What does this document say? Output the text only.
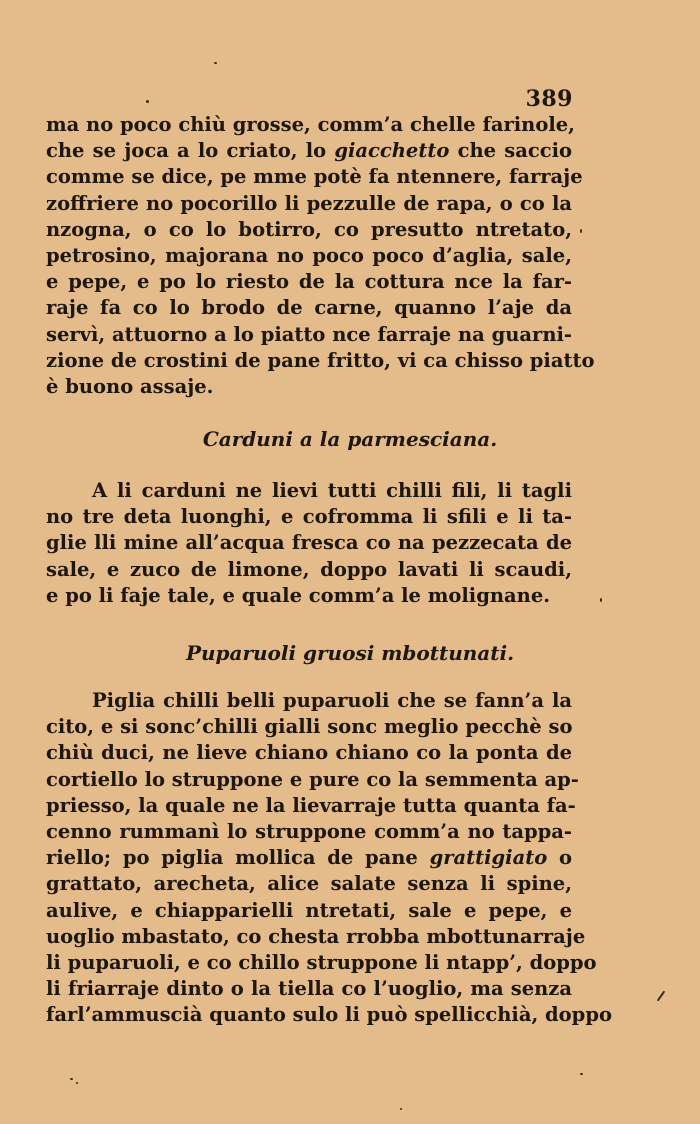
389
ma no poco chiù grosse, comm’a chelle farinole,
che se joca a lo criato, lo giacchetto che saccio
comme se dice, pe mme potè fa ntennere, farraje
zoffriere no pocorillo li pezzulle de rapa, o co la
nzogna, o co lo botirro, co presutto ntretato,
petrosino, majorana no poco poco d’aglia, sale,
e pepe, e po lo riesto de la cottura nce la far-
raje fa co lo brodo de carne, quanno l’aje da
servì, attuorno a lo piatto nce farraje na guarni-
zione de crostini de pane fritto, vi ca chisso piatto
è buono assaje.
Carduni a la parmesciana.
A li carduni ne lievi tutti chilli fili, li tagli
no tre deta luonghi, e cofromma li sfili e li ta-
glie lli mine all’acqua fresca co na pezzecata de
sale, e zuco de limone, doppo lavati li scaudi,
e po li faje tale, e quale comm’a le molignane.
Puparuoli gruosi mbottunati.
Piglia chilli belli puparuoli che se fann’a la
cito, e si sonc’chilli gialli sonc meglio pecchè so
chiù duci, ne lieve chiano chiano co la ponta de
cortiello lo struppone e pure co la semmenta ap-
priesso, la quale ne la lievarraje tutta quanta fa-
cenno rummanì lo struppone comm’a no tappa-
riello; po piglia mollica de pane grattigiato o
grattato, arecheta, alice salate senza li spine,
aulive, e chiapparielli ntretati, sale e pepe, e
uoglio mbastato, co chesta rrobba mbottunarraje
li puparuoli, e co chillo struppone li ntapp’, doppo
li friarraje dinto o la tiella co l’uoglio, ma senza
farl’ammuscià quanto sulo li può spellicchià, doppo
